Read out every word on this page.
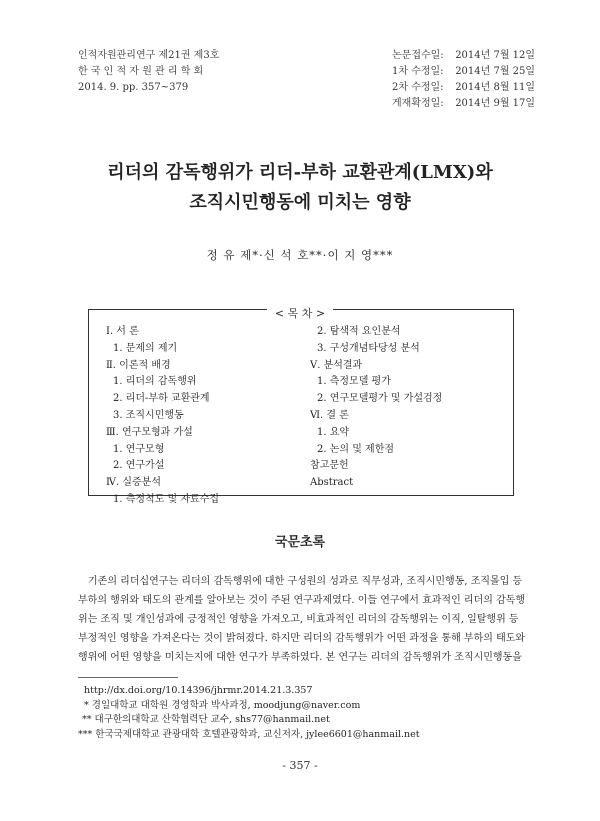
인적자원관리연구 제21권 제3호
한 국 인 적 자 원 관 리 학 회
2014. 9. pp. 357~379
논문접수일: 2014년 7월 12일
1차 수정일: 2014년 7월 25일
2차 수정일: 2014년 8월 11일
게재확정일: 2014년 9월 17일
리더의 감독행위가 리더-부하 교환관계(LMX)와
조직시민행동에 미치는 영향
정 유 제*·신 석 호**·이 지 영***
< 목 차 >
Ⅰ. 서 론
1. 문제의 제기
Ⅱ. 이론적 배경
1. 리더의 감독행위
2. 리더-부하 교환관계
3. 조직시민행동
Ⅲ. 연구모형과 가설
1. 연구모형
2. 연구가설
Ⅳ. 실증분석
1. 측정척도 및 자료수집
2. 탐색적 요인분석
3. 구성개념타당성 분석
Ⅴ. 분석결과
1. 측정모델 평가
2. 연구모델평가 및 가설검정
Ⅵ. 결 론
1. 요약
2. 논의 및 제한점
참고문헌
Abstract
국문초록
기존의 리더십연구는 리더의 감독행위에 대한 구성원의 성과로 직무성과, 조직시민행동, 조직몰입 등
부하의 행위와 태도의 관계를 알아보는 것이 주된 연구과제였다. 이들 연구에서 효과적인 리더의 감독행
위는 조직 및 개인성과에 긍정적인 영향을 가져오고, 비효과적인 리더의 감독행위는 이직, 일탈행위 등
부정적인 영향을 가져온다는 것이 밝혀졌다. 하지만 리더의 감독행위가 어떤 과정을 통해 부하의 태도와
행위에 어떤 영향을 미치는지에 대한 연구가 부족하였다. 본 연구는 리더의 감독행위가 조직시민행동을
http://dx.doi.org/10.14396/jhrmr.2014.21.3.357
* 경일대학교 대학원 경영학과 박사과정, moodjung@naver.com
** 대구한의대학교 산학협력단 교수, shs77@hanmail.net
*** 한국국제대학교 관광대학 호텔관광학과, 교신저자, jylee6601@hanmail.net
- 357 -
